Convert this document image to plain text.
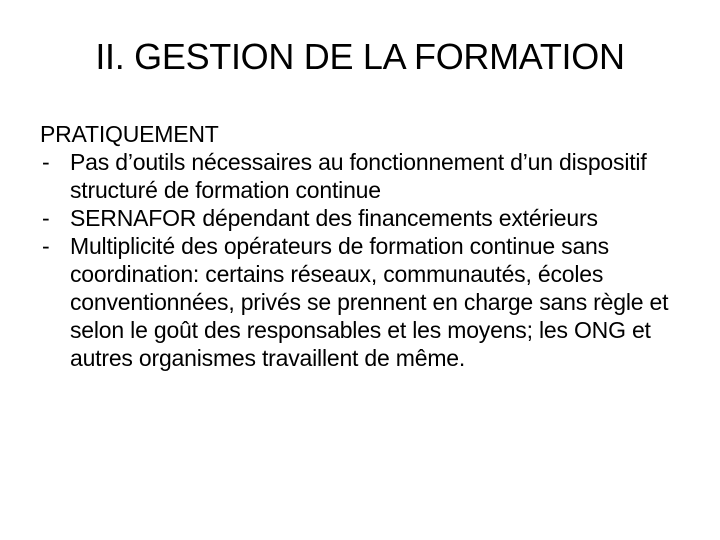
II. GESTION DE LA FORMATION

PRATIQUEMENT

- Pas d’outils nécessaires au fonctionnement d’un dispositif structuré de formation continue
- SERNAFOR dépendant des financements extérieurs
- Multiplicité des opérateurs de formation continue sans coordination: certains réseaux, communautés, écoles conventionnées, privés se prennent en charge sans règle et selon le goût des responsables et les moyens; les ONG et autres organismes travaillent de même.
